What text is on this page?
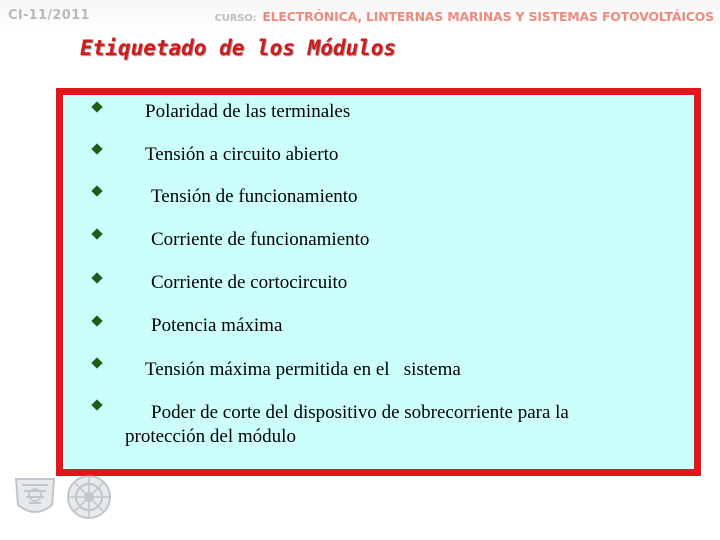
CI-11/2011	CURSO: ELECTRÓNICA, LINTERNAS MARINAS Y SISTEMAS FOTOVOLTÁICOS
Etiquetado de los Módulos
Polaridad de las terminales
Tensión a circuito abierto
Tensión de funcionamiento
Corriente de funcionamiento
Corriente de cortocircuito
Potencia máxima
Tensión máxima permitida en el   sistema
Poder de corte del dispositivo de sobrecorriente para la protección del módulo
